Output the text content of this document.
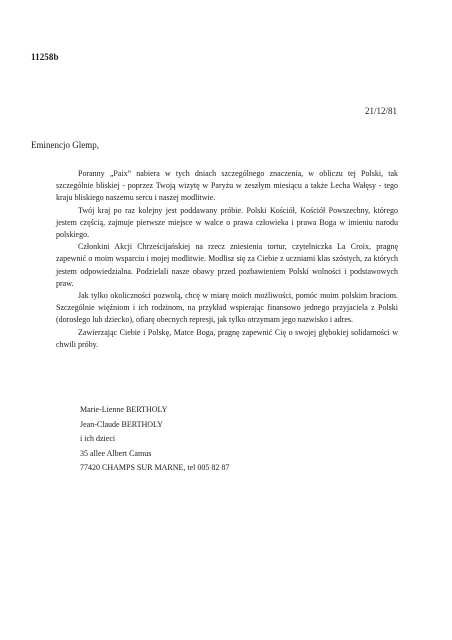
11258b
21/12/81
Eminencjo Glemp,

Poranny „Paix” nabiera w tych dniach szczególnego znaczenia, w obliczu tej Polski, tak szczególnie bliskiej - poprzez Twoją wizytę w Paryżu w zeszłym miesiącu a także Lecha Wałęsy - tego kraju bliskiego naszemu sercu i naszej modlitwie.

Twój kraj po raz kolejny jest poddawany próbie. Polski Kościół, Kościół Powszechny, którego jestem częścią, zajmuje pierwsze miejsce w walce o prawa człowieka i prawa Boga w imieniu narodu polskiego.

Członkini Akcji Chrześcijańskiej na rzecz zniesienia tortur, czytelniczka La Croix, pragnę zapewnić o moim wsparciu i mojej modlitwie. Modlisz się za Ciebie z uczniami klas szóstych, za których jestem odpowiedzialna. Podzielali nasze obawy przed pozbawieniem Polski wolności i podstawowych praw.

Jak tylko okoliczności pozwolą, chcę w miarę moich możliwości, pomóc moim polskim braciom. Szczególnie więźniom i ich rodzinom, na przykład wspierając finansowo jednego przyjaciela z Polski (dorosłego lub dziecko), ofiarę obecnych represji, jak tylko otrzymam jego nazwisko i adres.

Zawierzając Ciebie i Polskę, Matce Boga, pragnę zapewnić Cię o swojej głębokiej solidarności w chwili próby.

Marie-Lienne BERTHOLY
Jean-Claude BERTHOLY
i ich dzieci
35 allee Albert Camus
77420 CHAMPS SUR MARNE, tel 005 82 87
